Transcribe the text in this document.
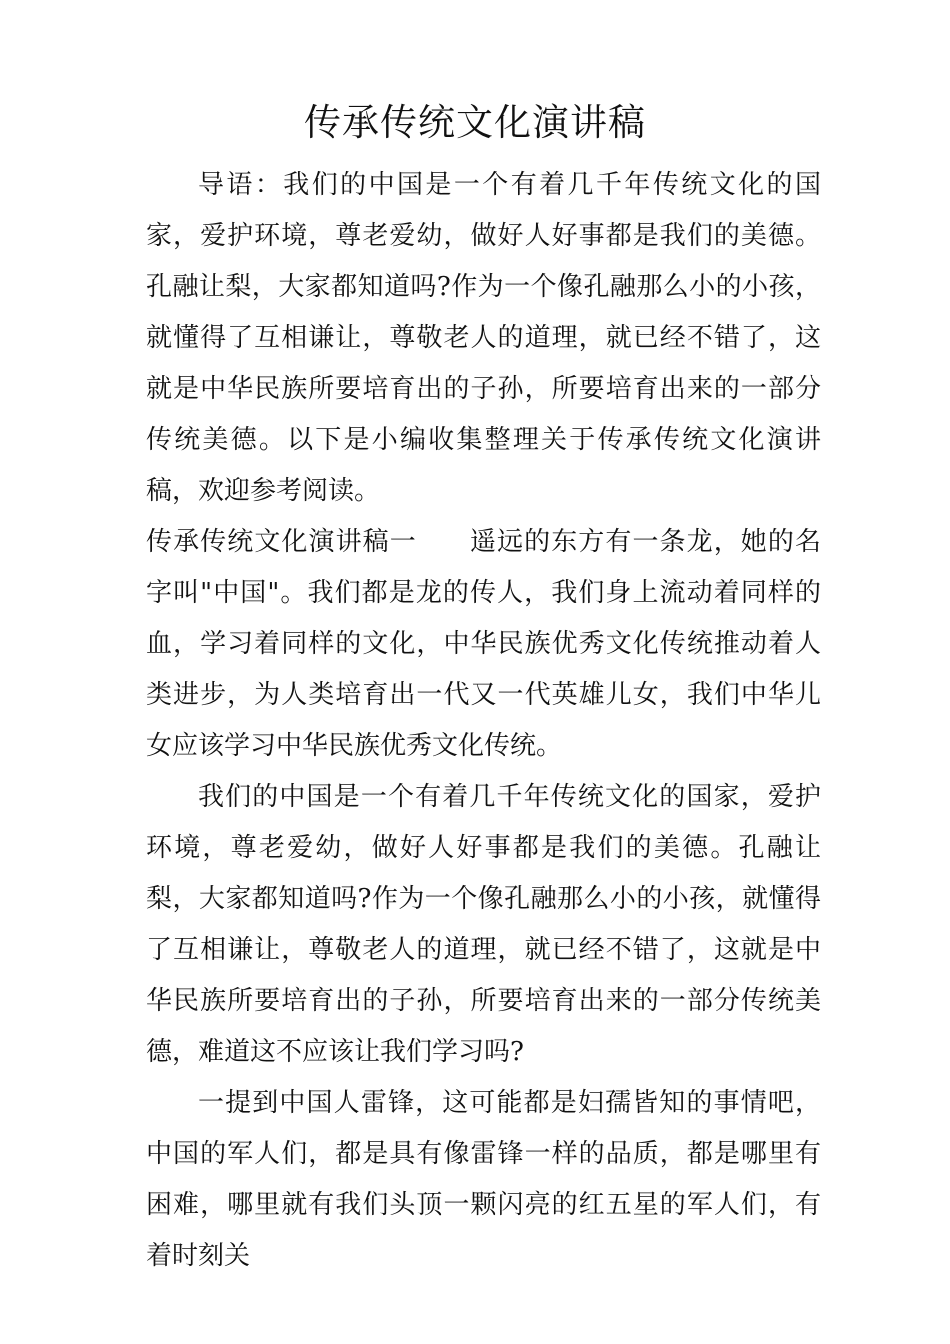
传承传统文化演讲稿

导语：我们的中国是一个有着几千年传统文化的国家，爱护环境，尊老爱幼，做好人好事都是我们的美德。孔融让梨，大家都知道吗?作为一个像孔融那么小的小孩，就懂得了互相谦让，尊敬老人的道理，就已经不错了，这就是中华民族所要培育出的子孙，所要培育出来的一部分传统美德。以下是小编收集整理关于传承传统文化演讲稿，欢迎参考阅读。

传承传统文化演讲稿一 遥远的东方有一条龙，她的名字叫"中国"。我们都是龙的传人，我们身上流动着同样的血，学习着同样的文化，中华民族优秀文化传统推动着人类进步，为人类培育出一代又一代英雄儿女，我们中华儿女应该学习中华民族优秀文化传统。

我们的中国是一个有着几千年传统文化的国家，爱护环境，尊老爱幼，做好人好事都是我们的美德。孔融让梨，大家都知道吗?作为一个像孔融那么小的小孩，就懂得了互相谦让，尊敬老人的道理，就已经不错了，这就是中华民族所要培育出的子孙，所要培育出来的一部分传统美德，难道这不应该让我们学习吗?

一提到中国人雷锋，这可能都是妇孺皆知的事情吧，中国的军人们，都是具有像雷锋一样的品质，都是哪里有困难，哪里就有我们头顶一颗闪亮的红五星的军人们，有着时刻关
